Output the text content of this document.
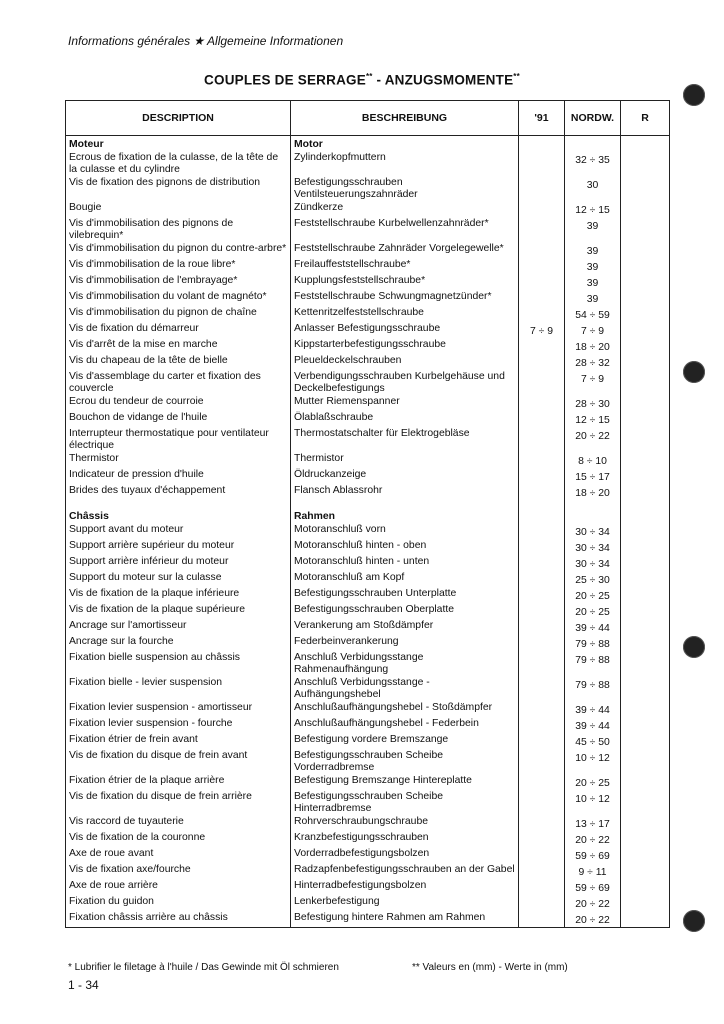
Informations générales ★ Allgemeine Informationen
COUPLES DE SERRAGE** - ANZUGSMOMENTE**
DESCRIPTION	BESCHREIBUNG	'91	NORDW.	R

Moteur	Motor			
Ecrous de fixation de la culasse, de la tête de la culasse et du cylindre	Zylinderkopfmuttern		32 ÷ 35	
Vis de fixation des pignons de distribution	Befestigungsschrauben Ventilsteuerungszahnräder		30	
Bougie	Zündkerze		12 ÷ 15	
Vis d'immobilisation des pignons de vilebrequin*	Feststellschraube Kurbelwellenzahnräder*		39	
Vis d'immobilisation du pignon du contre-arbre*	Feststellschraube Zahnräder Vorgelegewelle*		39	
Vis d'immobilisation de la roue libre*	Freilauffeststellschraube*		39	
Vis d'immobilisation de l'embrayage*	Kupplungsfeststellschraube*		39	
Vis d'immobilisation du volant de magnéto*	Feststellschraube Schwungmagnetzünder*		39	
Vis d'immobilisation du pignon de chaîne	Kettenritzelfeststellschraube		54 ÷ 59	
Vis de fixation du démarreur	Anlasser Befestigungsschraube	7 ÷ 9	7 ÷ 9	
Vis d'arrêt de la mise en marche	Kippstarterbefestigungsschraube		18 ÷ 20	
Vis du chapeau de la tête de bielle	Pleueldeckelschrauben		28 ÷ 32	
Vis d'assemblage du carter et fixation des couvercle	Verbendigungsschrauben Kurbelgehäuse und Deckelbefestigungs		7 ÷ 9	
Ecrou du tendeur de courroie	Mutter Riemenspanner		28 ÷ 30	
Bouchon de vidange de l'huile	Ölablaßschraube		12 ÷ 15	
Interrupteur thermostatique pour ventilateur électrique	Thermostatschalter für Elektrogebläse		20 ÷ 22	
Thermistor	Thermistor		8 ÷ 10	
Indicateur de pression d'huile	Öldruckanzeige		15 ÷ 17	
Brides des tuyaux d'échappement	Flansch Ablassrohr		18 ÷ 20	

Châssis	Rahmen			
Support avant du moteur	Motoranschluß vorn		30 ÷ 34	
Support arrière supérieur du moteur	Motoranschluß hinten - oben		30 ÷ 34	
Support arrière inférieur du moteur	Motoranschluß hinten - unten		30 ÷ 34	
Support du moteur sur la culasse	Motoranschluß am Kopf		25 ÷ 30	
Vis de fixation de la plaque inférieure	Befestigungsschrauben Unterplatte		20 ÷ 25	
Vis de fixation de la plaque supérieure	Befestigungsschrauben Oberplatte		20 ÷ 25	
Ancrage sur l'amortisseur	Verankerung am Stoßdämpfer		39 ÷ 44	
Ancrage sur la fourche	Federbeinverankerung		79 ÷ 88	
Fixation bielle suspension au châssis	Anschluß Verbidungsstange Rahmenaufhängung		79 ÷ 88	
Fixation bielle - levier suspension	Anschluß Verbidungsstange - Aufhängungshebel		79 ÷ 88	
Fixation levier suspension - amortisseur	Anschlußaufhängungshebel - Stoßdämpfer		39 ÷ 44	
Fixation levier suspension - fourche	Anschlußaufhängungshebel - Federbein		39 ÷ 44	
Fixation étrier de frein avant	Befestigung vordere Bremszange		45 ÷ 50	
Vis de fixation du disque de frein avant	Befestigungsschrauben Scheibe Vorderradbremse		10 ÷ 12	
Fixation étrier de la plaque arrière	Befestigung Bremszange Hintereplatte		20 ÷ 25	
Vis de fixation du disque de frein arrière	Befestigungsschrauben Scheibe Hinterradbremse		10 ÷ 12	
Vis raccord de tuyauterie	Rohrverschraubungschraube		13 ÷ 17	
Vis de fixation de la couronne	Kranzbefestigungsschrauben		20 ÷ 22	
Axe de roue avant	Vorderradbefestigungsbolzen		59 ÷ 69	
Vis de fixation axe/fourche	Radzapfenbefestigungsschrauben an der Gabel		9 ÷ 11	
Axe de roue arrière	Hinterradbefestigungsbolzen		59 ÷ 69	
Fixation du guidon	Lenkerbefestigung		20 ÷ 22	
Fixation châssis arrière au châssis	Befestigung hintere Rahmen am Rahmen		20 ÷ 22	
* Lubrifier le filetage à l'huile / Das Gewinde mit Öl schmieren	** Valeurs en (mm) - Werte in (mm)
1 - 34
